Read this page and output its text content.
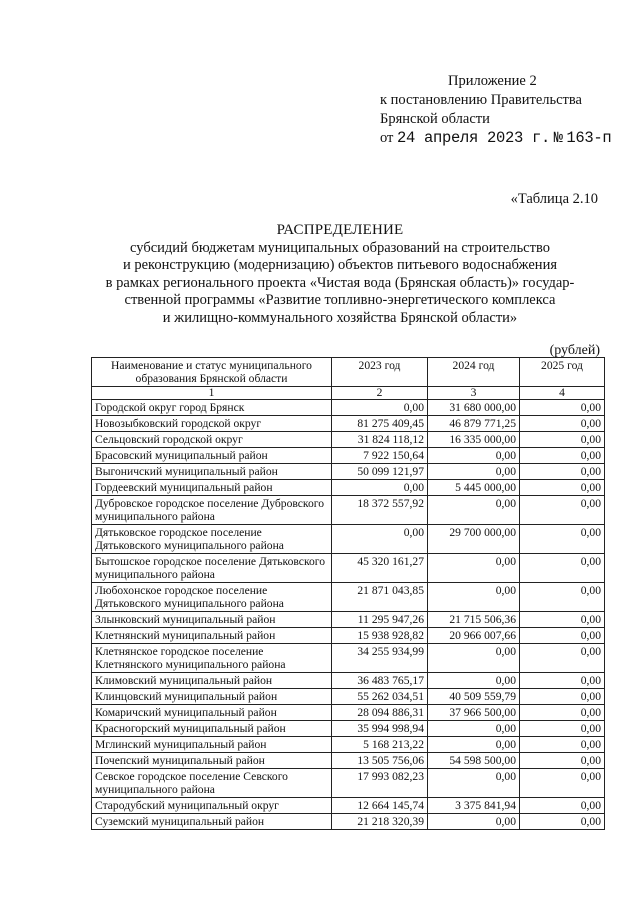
Приложение 2
к постановлению Правительства
Брянской области
от 24 апреля 2023 г. № 163-п
«Таблица 2.10
РАСПРЕДЕЛЕНИЕ
субсидий бюджетам муниципальных образований на строительство
и реконструкцию (модернизацию) объектов питьевого водоснабжения
в рамках регионального проекта «Чистая вода (Брянская область)» государ-
ственной программы «Развитие топливно-энергетического комплекса
и жилищно-коммунального хозяйства Брянской области»
(рублей)
Наименование и статус муниципального образования Брянской области	2023 год	2024 год	2025 год
1	2	3	4
Городской округ город Брянск	0,00	31 680 000,00	0,00
Новозыбковский городской округ	81 275 409,45	46 879 771,25	0,00
Сельцовский городской округ	31 824 118,12	16 335 000,00	0,00
Брасовский муниципальный район	7 922 150,64	0,00	0,00
Выгоничский муниципальный район	50 099 121,97	0,00	0,00
Гордеевский муниципальный район	0,00	5 445 000,00	0,00
Дубровское городское поселение Дубровского муниципального района	18 372 557,92	0,00	0,00
Дятьковское городское поселение Дятьковского муниципального района	0,00	29 700 000,00	0,00
Бытошское городское поселение Дятьковского муниципального района	45 320 161,27	0,00	0,00
Любохонское городское поселение Дятьковского муниципального района	21 871 043,85	0,00	0,00
Злынковский муниципальный район	11 295 947,26	21 715 506,36	0,00
Клетнянский муниципальный район	15 938 928,82	20 966 007,66	0,00
Клетнянское городское поселение Клетнянского муниципального района	34 255 934,99	0,00	0,00
Климовский муниципальный район	36 483 765,17	0,00	0,00
Клинцовский муниципальный район	55 262 034,51	40 509 559,79	0,00
Комаричский муниципальный район	28 094 886,31	37 966 500,00	0,00
Красногорский муниципальный район	35 994 998,94	0,00	0,00
Мглинский муниципальный район	5 168 213,22	0,00	0,00
Почепский муниципальный район	13 505 756,06	54 598 500,00	0,00
Севское городское поселение Севского муниципального района	17 993 082,23	0,00	0,00
Стародубский муниципальный округ	12 664 145,74	3 375 841,94	0,00
Суземский муниципальный район	21 218 320,39	0,00	0,00
